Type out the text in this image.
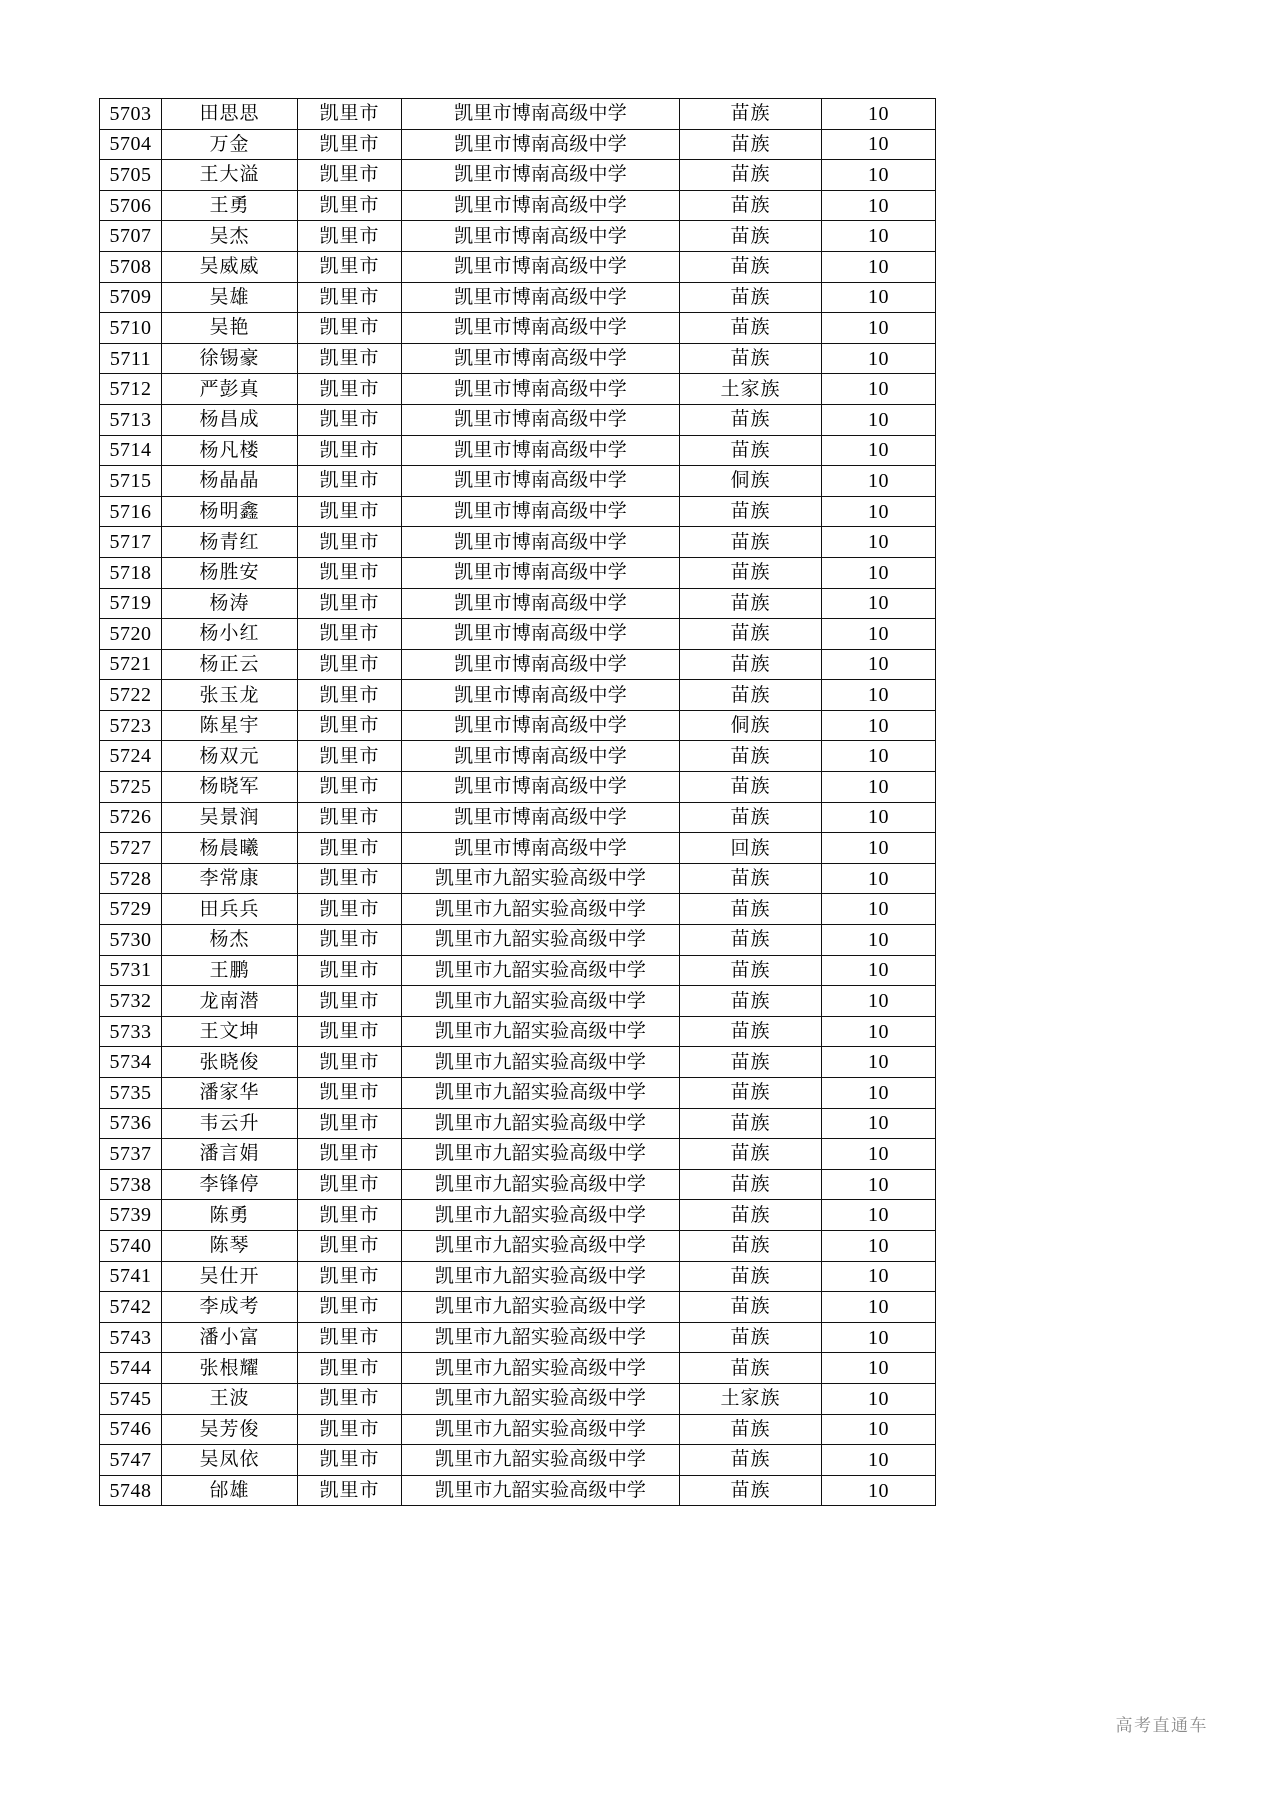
5703	田思思	凯里市	凯里市博南高级中学	苗族	10
5704	万金	凯里市	凯里市博南高级中学	苗族	10
5705	王大溢	凯里市	凯里市博南高级中学	苗族	10
5706	王勇	凯里市	凯里市博南高级中学	苗族	10
5707	吴杰	凯里市	凯里市博南高级中学	苗族	10
5708	吴威威	凯里市	凯里市博南高级中学	苗族	10
5709	吴雄	凯里市	凯里市博南高级中学	苗族	10
5710	吴艳	凯里市	凯里市博南高级中学	苗族	10
5711	徐锡豪	凯里市	凯里市博南高级中学	苗族	10
5712	严彭真	凯里市	凯里市博南高级中学	土家族	10
5713	杨昌成	凯里市	凯里市博南高级中学	苗族	10
5714	杨凡楼	凯里市	凯里市博南高级中学	苗族	10
5715	杨晶晶	凯里市	凯里市博南高级中学	侗族	10
5716	杨明鑫	凯里市	凯里市博南高级中学	苗族	10
5717	杨青红	凯里市	凯里市博南高级中学	苗族	10
5718	杨胜安	凯里市	凯里市博南高级中学	苗族	10
5719	杨涛	凯里市	凯里市博南高级中学	苗族	10
5720	杨小红	凯里市	凯里市博南高级中学	苗族	10
5721	杨正云	凯里市	凯里市博南高级中学	苗族	10
5722	张玉龙	凯里市	凯里市博南高级中学	苗族	10
5723	陈星宇	凯里市	凯里市博南高级中学	侗族	10
5724	杨双元	凯里市	凯里市博南高级中学	苗族	10
5725	杨晓军	凯里市	凯里市博南高级中学	苗族	10
5726	吴景润	凯里市	凯里市博南高级中学	苗族	10
5727	杨晨曦	凯里市	凯里市博南高级中学	回族	10
5728	李常康	凯里市	凯里市九韶实验高级中学	苗族	10
5729	田兵兵	凯里市	凯里市九韶实验高级中学	苗族	10
5730	杨杰	凯里市	凯里市九韶实验高级中学	苗族	10
5731	王鹏	凯里市	凯里市九韶实验高级中学	苗族	10
5732	龙南潜	凯里市	凯里市九韶实验高级中学	苗族	10
5733	王文坤	凯里市	凯里市九韶实验高级中学	苗族	10
5734	张晓俊	凯里市	凯里市九韶实验高级中学	苗族	10
5735	潘家华	凯里市	凯里市九韶实验高级中学	苗族	10
5736	韦云升	凯里市	凯里市九韶实验高级中学	苗族	10
5737	潘言娟	凯里市	凯里市九韶实验高级中学	苗族	10
5738	李锋停	凯里市	凯里市九韶实验高级中学	苗族	10
5739	陈勇	凯里市	凯里市九韶实验高级中学	苗族	10
5740	陈琴	凯里市	凯里市九韶实验高级中学	苗族	10
5741	吴仕开	凯里市	凯里市九韶实验高级中学	苗族	10
5742	李成考	凯里市	凯里市九韶实验高级中学	苗族	10
5743	潘小富	凯里市	凯里市九韶实验高级中学	苗族	10
5744	张根耀	凯里市	凯里市九韶实验高级中学	苗族	10
5745	王波	凯里市	凯里市九韶实验高级中学	土家族	10
5746	吴芳俊	凯里市	凯里市九韶实验高级中学	苗族	10
5747	吴凤依	凯里市	凯里市九韶实验高级中学	苗族	10
5748	邰雄	凯里市	凯里市九韶实验高级中学	苗族	10
高考直通车
